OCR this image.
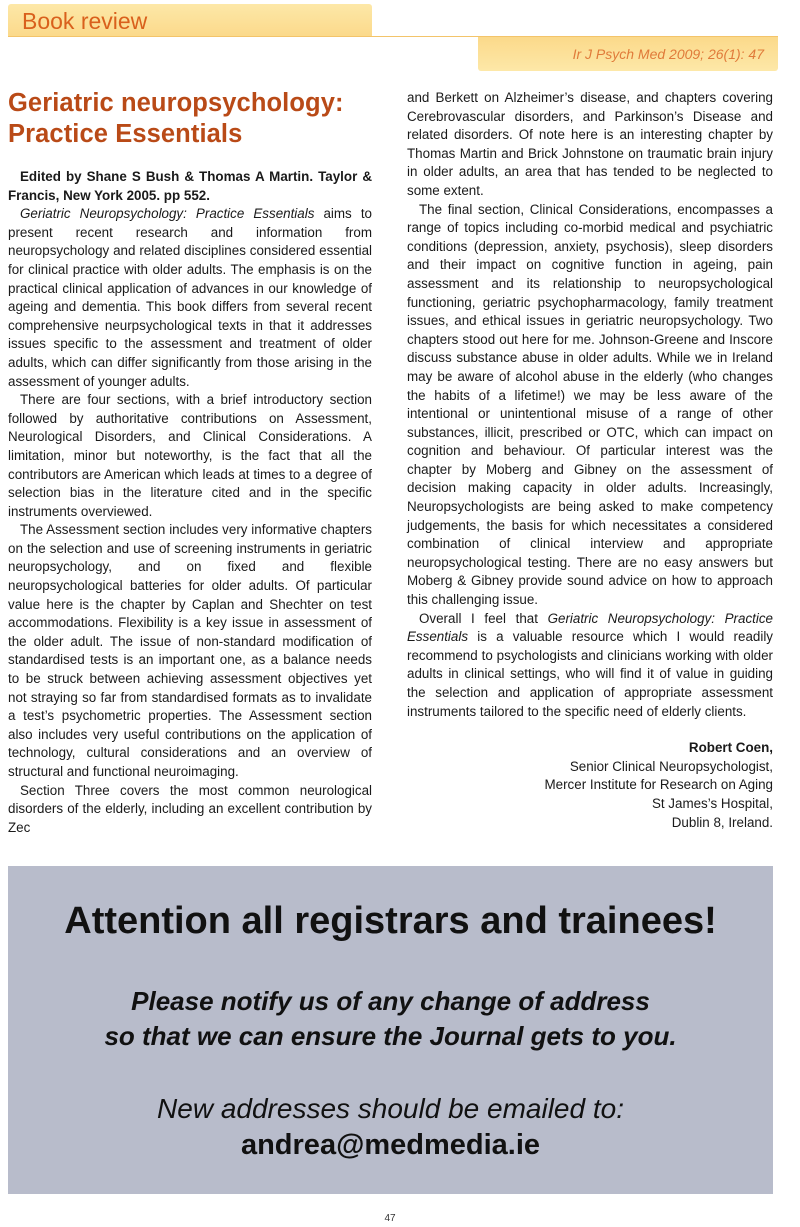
Book review
Ir J Psych Med 2009; 26(1): 47
Geriatric neuropsychology:
Practice Essentials

Edited by Shane S Bush & Thomas A Martin. Taylor & Francis, New York 2005. pp 552.

Geriatric Neuropsychology: Practice Essentials aims to present recent research and information from neuropsychology and related disciplines considered essential for clinical practice with older adults. The emphasis is on the practical clinical application of advances in our knowledge of ageing and dementia. This book differs from several recent comprehensive neurpsychological texts in that it addresses issues specific to the assessment and treatment of older adults, which can differ significantly from those arising in the assessment of younger adults.

There are four sections, with a brief introductory section followed by authoritative contributions on Assessment, Neurological Disorders, and Clinical Considerations. A limitation, minor but noteworthy, is the fact that all the contributors are American which leads at times to a degree of selection bias in the literature cited and in the specific instruments overviewed.

The Assessment section includes very informative chapters on the selection and use of screening instruments in geriatric neuropsychology, and on fixed and flexible neuropsychological batteries for older adults. Of particular value here is the chapter by Caplan and Shechter on test accommodations. Flexibility is a key issue in assessment of the older adult. The issue of non-standard modification of standardised tests is an important one, as a balance needs to be struck between achieving assessment objectives yet not straying so far from standardised formats as to invalidate a test’s psychometric properties. The Assessment section also includes very useful contributions on the application of technology, cultural considerations and an overview of structural and functional neuroimaging.

Section Three covers the most common neurological disorders of the elderly, including an excellent contribution by Zec

and Berkett on Alzheimer’s disease, and chapters covering Cerebrovascular disorders, and Parkinson’s Disease and related disorders. Of note here is an interesting chapter by Thomas Martin and Brick Johnstone on traumatic brain injury in older adults, an area that has tended to be neglected to some extent.

The final section, Clinical Considerations, encompasses a range of topics including co-morbid medical and psychiatric conditions (depression, anxiety, psychosis), sleep disorders and their impact on cognitive function in ageing, pain assessment and its relationship to neuropsychological functioning, geriatric psychopharmacology, family treatment issues, and ethical issues in geriatric neuropsychology. Two chapters stood out here for me. Johnson-Greene and Inscore discuss substance abuse in older adults. While we in Ireland may be aware of alcohol abuse in the elderly (who changes the habits of a lifetime!) we may be less aware of the intentional or unintentional misuse of a range of other substances, illicit, prescribed or OTC, which can impact on cognition and behaviour. Of particular interest was the chapter by Moberg and Gibney on the assessment of decision making capacity in older adults. Increasingly, Neuropsychologists are being asked to make competency judgements, the basis for which necessitates a considered combination of clinical interview and appropriate neuropsychological testing. There are no easy answers but Moberg & Gibney provide sound advice on how to approach this challenging issue.

Overall I feel that Geriatric Neuropsychology: Practice Essentials is a valuable resource which I would readily recommend to psychologists and clinicians working with older adults in clinical settings, who will find it of value in guiding the selection and application of appropriate assessment instruments tailored to the specific need of elderly clients.

Robert Coen,
Senior Clinical Neuropsychologist,
Mercer Institute for Research on Aging
St James’s Hospital,
Dublin 8, Ireland.
Attention all registrars and trainees!
Please notify us of any change of address
so that we can ensure the Journal gets to you.
New addresses should be emailed to:
andrea@medmedia.ie
47
